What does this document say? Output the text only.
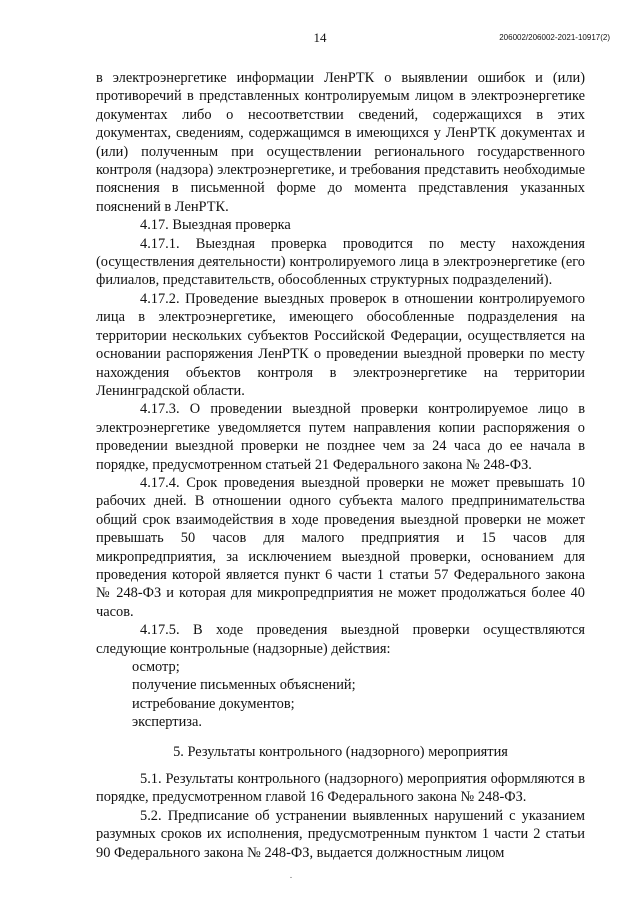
14	206002/206002-2021-10917(2)

в электроэнергетике информации ЛенРТК о выявлении ошибок и (или) противоречий в представленных контролируемым лицом в электроэнергетике документах либо о несоответствии сведений, содержащихся в этих документах, сведениям, содержащимся в имеющихся у ЛенРТК документах и (или) полученным при осуществлении регионального государственного контроля (надзора) электроэнергетике, и требования представить необходимые пояснения в письменной форме до момента представления указанных пояснений в ЛенРТК.

4.17. Выездная проверка

4.17.1. Выездная проверка проводится по месту нахождения (осуществления деятельности) контролируемого лица в электроэнергетике (его филиалов, представительств, обособленных структурных подразделений).

4.17.2. Проведение выездных проверок в отношении контролируемого лица в электроэнергетике, имеющего обособленные подразделения на территории нескольких субъектов Российской Федерации, осуществляется на основании распоряжения ЛенРТК о проведении выездной проверки по месту нахождения объектов контроля в электроэнергетике на территории Ленинградской области.

4.17.3. О проведении выездной проверки контролируемое лицо в электроэнергетике уведомляется путем направления копии распоряжения о проведении выездной проверки не позднее чем за 24 часа до ее начала в порядке, предусмотренном статьей 21 Федерального закона № 248-ФЗ.

4.17.4. Срок проведения выездной проверки не может превышать 10 рабочих дней. В отношении одного субъекта малого предпринимательства общий срок взаимодействия в ходе проведения выездной проверки не может превышать 50 часов для малого предприятия и 15 часов для микропредприятия, за исключением выездной проверки, основанием для проведения которой является пункт 6 части 1 статьи 57 Федерального закона № 248-ФЗ и которая для микропредприятия не может продолжаться более 40 часов.

4.17.5. В ходе проведения выездной проверки осуществляются следующие контрольные (надзорные) действия:

осмотр;

получение письменных объяснений;

истребование документов;

экспертиза.

5. Результаты контрольного (надзорного) мероприятия

5.1. Результаты контрольного (надзорного) мероприятия оформляются в порядке, предусмотренном главой 16 Федерального закона № 248-ФЗ.

5.2. Предписание об устранении выявленных нарушений с указанием разумных сроков их исполнения, предусмотренным пунктом 1 части 2 статьи 90 Федерального закона № 248-ФЗ, выдается должностным лицом

.
